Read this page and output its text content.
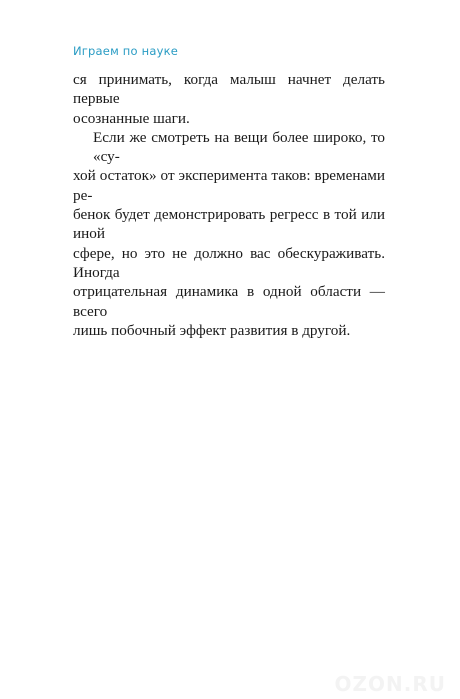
Играем по науке
ся принимать, когда малыш начнет делать первые
осознанные шаги.
Если же смотреть на вещи более широко, то «су-
хой остаток» от эксперимента таков: временами ре-
бенок будет демонстрировать регресс в той или иной
сфере, но это не должно вас обескураживать. Иногда
отрицательная динамика в одной области — всего
лишь побочный эффект развития в другой.
OZON.RU
